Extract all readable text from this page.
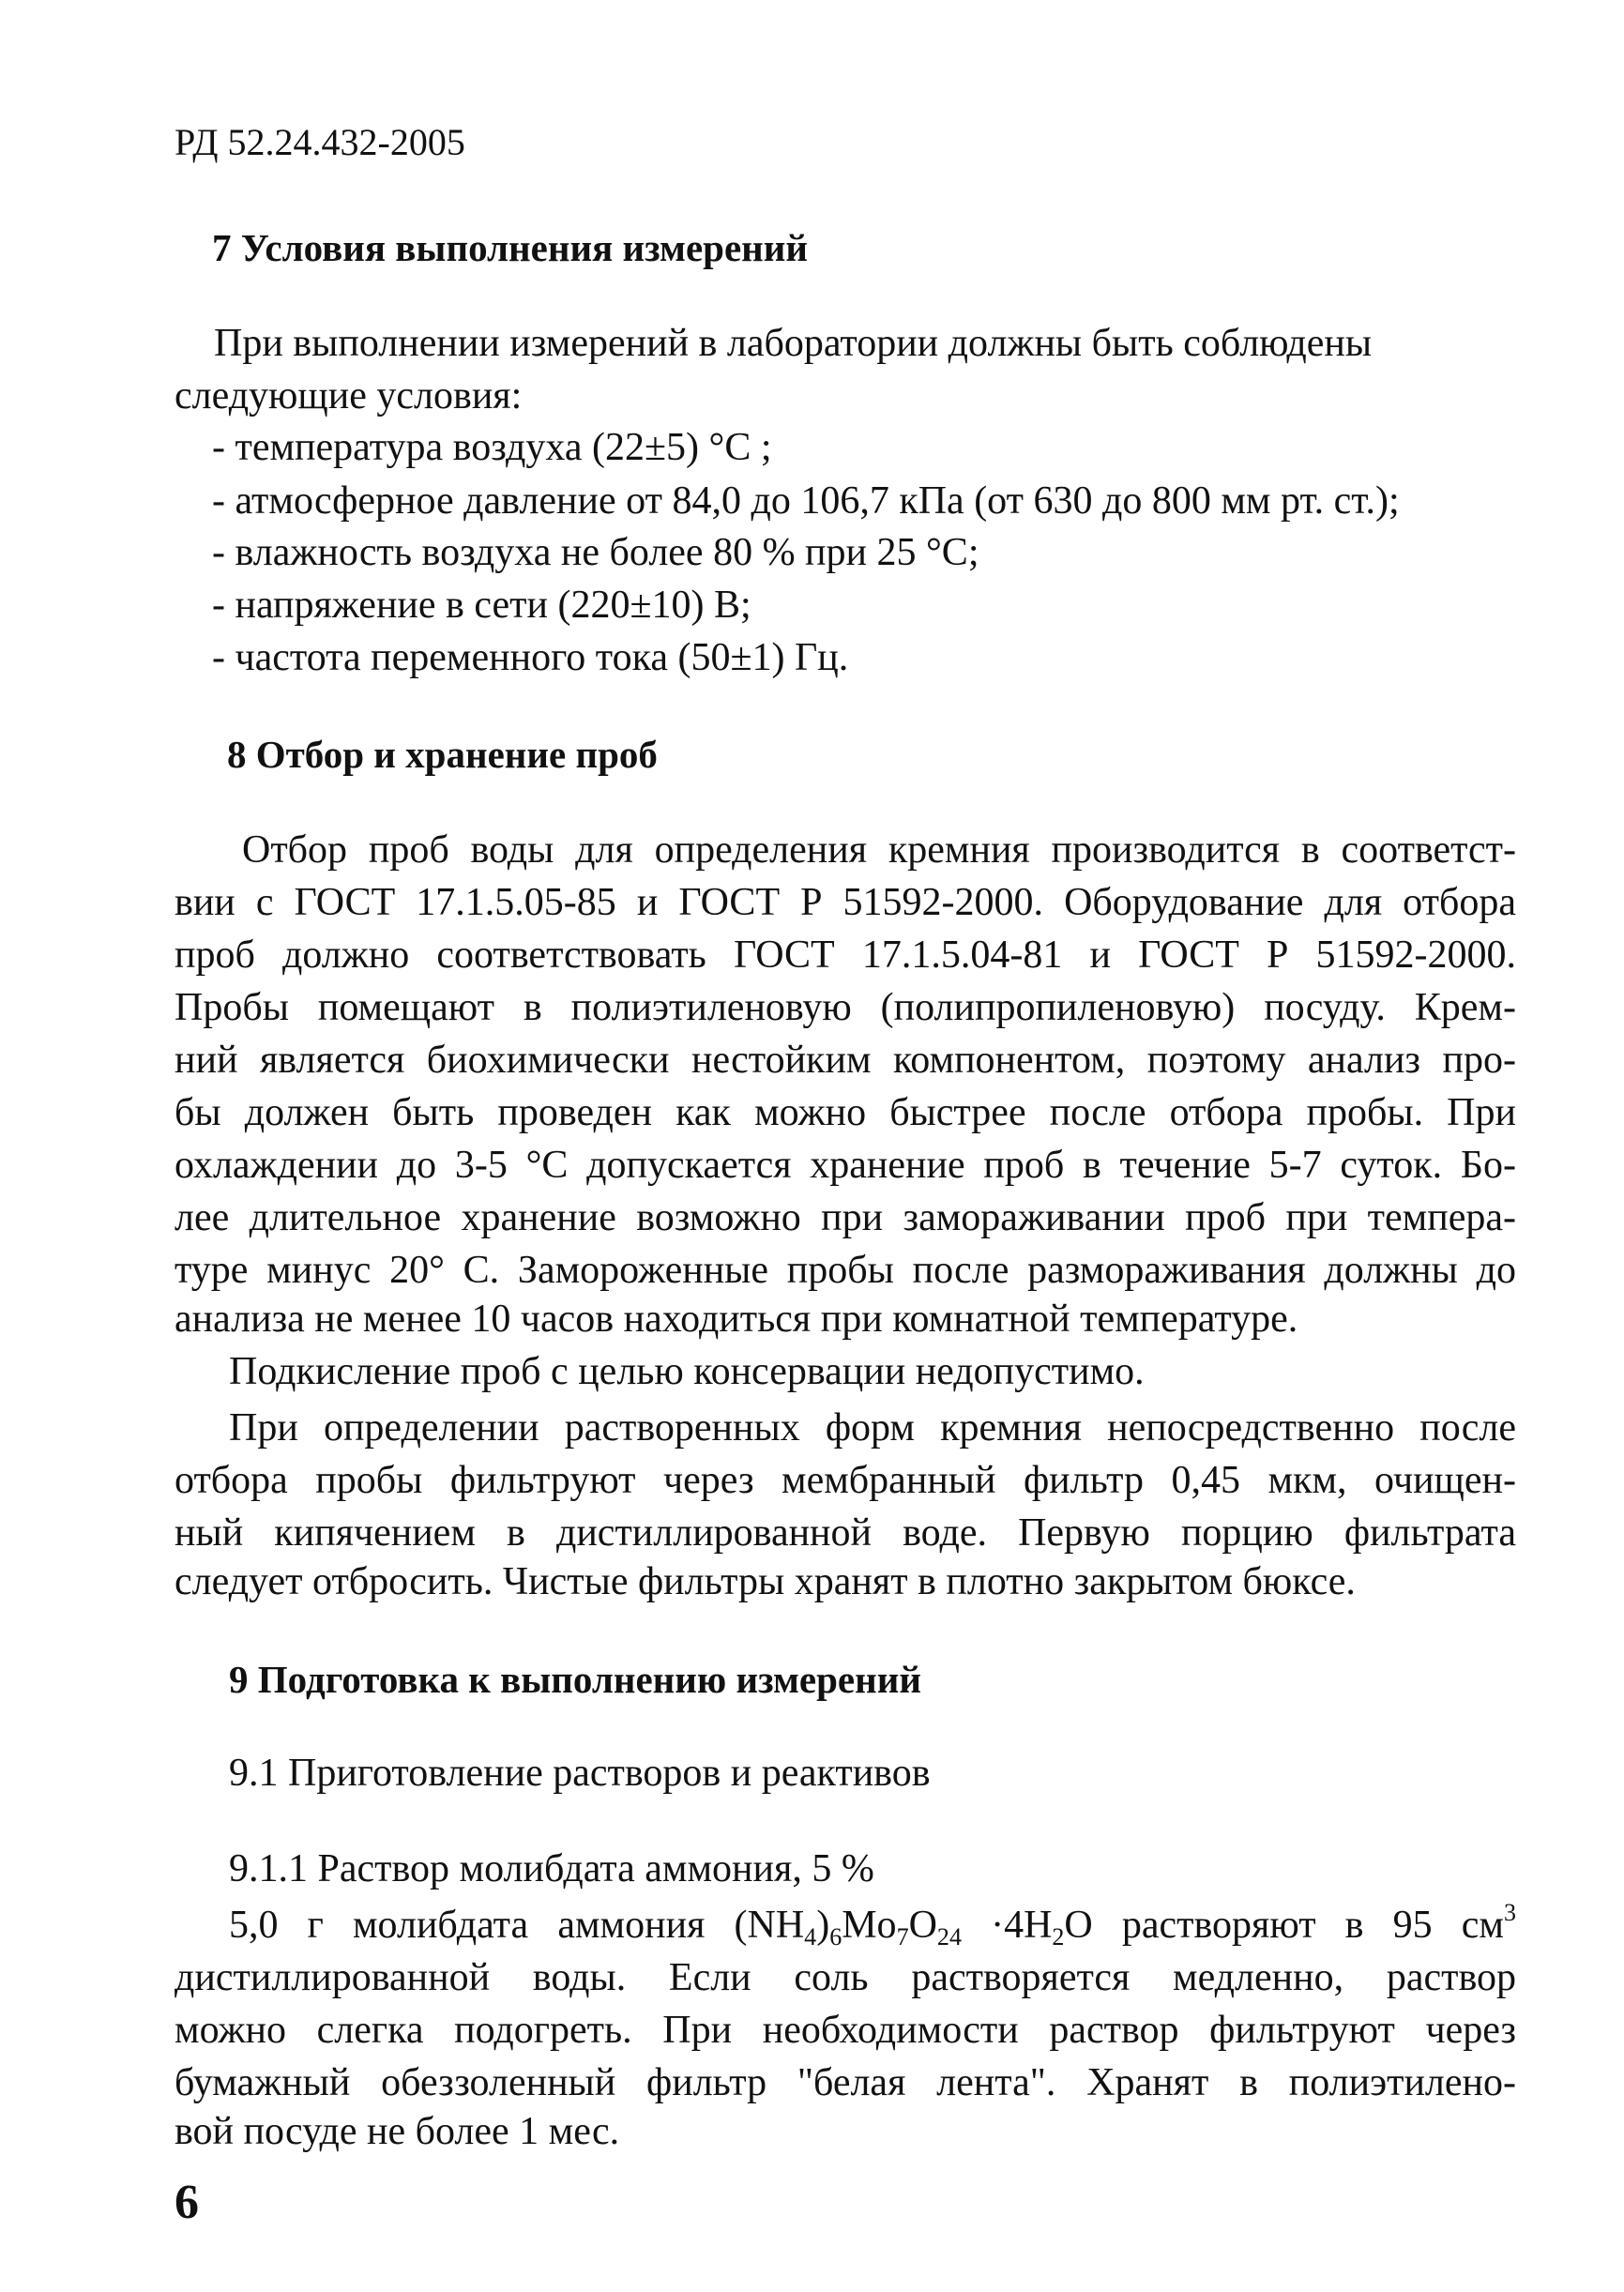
РД 52.24.432-2005
7 Условия выполнения измерений
При выполнении измерений в лаборатории должны быть соблюдены
следующие условия:
- температура воздуха (22±5) °С ;
- атмосферное давление от 84,0 до 106,7 кПа (от 630 до 800 мм рт. ст.);
- влажность воздуха не более 80 % при 25 °С;
- напряжение в сети (220±10) В;
- частота переменного тока (50±1) Гц.
8 Отбор и хранение проб
Отбор проб воды для определения кремния производится в соответст-
вии с ГОСТ 17.1.5.05-85 и ГОСТ Р 51592-2000. Оборудование для отбора
проб должно соответствовать ГОСТ 17.1.5.04-81 и ГОСТ Р 51592-2000.
Пробы помещают в полиэтиленовую (полипропиленовую) посуду. Крем-
ний является биохимически нестойким компонентом, поэтому анализ про-
бы должен быть проведен как можно быстрее после отбора пробы. При
охлаждении до 3-5 °С допускается хранение проб в течение 5-7 суток. Бо-
лее длительное хранение возможно при замораживании проб при темпера-
туре минус 20° С. Замороженные пробы после размораживания должны до
анализа не менее 10 часов находиться при комнатной температуре.
Подкисление проб с целью консервации недопустимо.
При определении растворенных форм кремния непосредственно после
отбора пробы фильтруют через мембранный фильтр 0,45 мкм, очищен-
ный кипячением в дистиллированной воде. Первую порцию фильтрата
следует отбросить. Чистые фильтры хранят в плотно закрытом бюксе.
9 Подготовка к выполнению измерений
9.1 Приготовление растворов и реактивов
9.1.1 Раствор молибдата аммония, 5 %
5,0 г молибдата аммония $(NH_4)_6Mo_7O_{24} \cdot 4H_2O$ растворяют в 95 $см^3$
дистиллированной воды. Если соль растворяется медленно, раствор
можно слегка подогреть. При необходимости раствор фильтруют через
бумажный обеззоленный фильтр "белая лента". Хранят в полиэтилено-
вой посуде не более 1 мес.
6
